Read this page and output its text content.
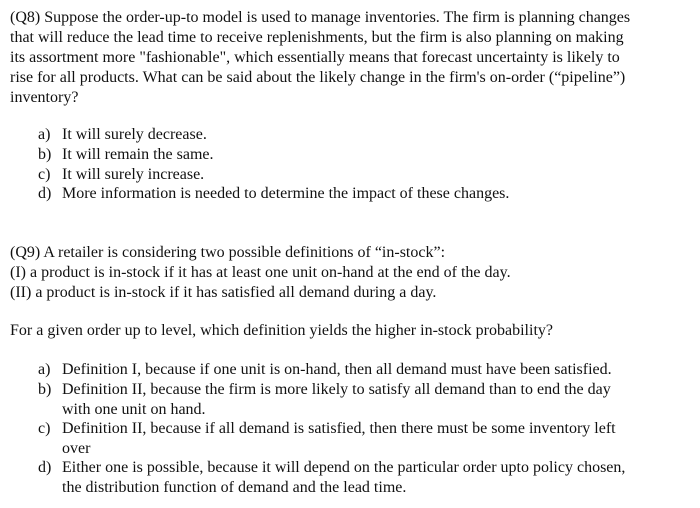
(Q8) Suppose the order-up-to model is used to manage inventories. The firm is planning changes
that will reduce the lead time to receive replenishments, but the firm is also planning on making
its assortment more "fashionable", which essentially means that forecast uncertainty is likely to
rise for all products. What can be said about the likely change in the firm's on-order (“pipeline”)
inventory?
a) It will surely decrease.
b) It will remain the same.
c) It will surely increase.
d) More information is needed to determine the impact of these changes.
(Q9) A retailer is considering two possible definitions of “in-stock”:
(I) a product is in-stock if it has at least one unit on-hand at the end of the day.
(II) a product is in-stock if it has satisfied all demand during a day.
For a given order up to level, which definition yields the higher in-stock probability?
a) Definition I, because if one unit is on-hand, then all demand must have been satisfied.
b) Definition II, because the firm is more likely to satisfy all demand than to end the day
with one unit on hand.
c) Definition II, because if all demand is satisfied, then there must be some inventory left
over
d) Either one is possible, because it will depend on the particular order upto policy chosen,
the distribution function of demand and the lead time.
